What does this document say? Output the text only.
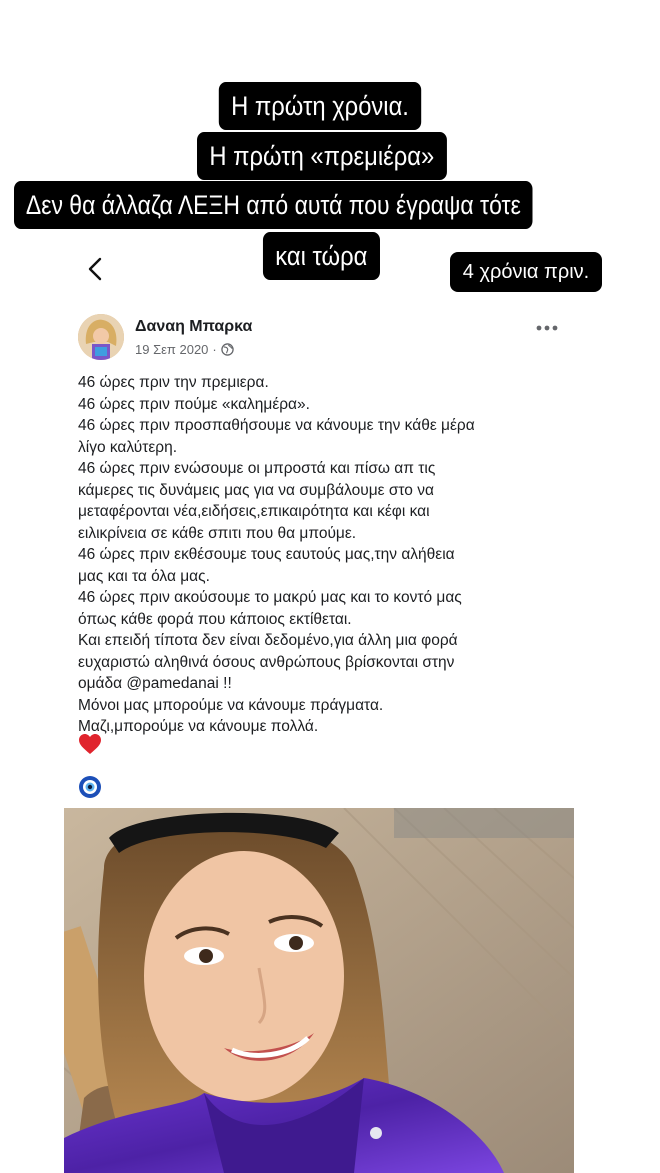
Η πρώτη χρόνια.
Η πρώτη «πρεμιέρα»
Δεν θα άλλαζα ΛΕΞΗ από αυτά που έγραψα τότε
και τώρα
4 χρόνια πριν.
Δαναη Μπαρκα
19 Σεπ 2020 ·

46 ώρες πριν την πρεμιερα.

46 ώρες πριν πούμε «καλημέρα».

46 ώρες πριν προσπαθήσουμε να κάνουμε την κάθε μέρα

λίγο καλύτερη.

46 ώρες πριν ενώσουμε οι μπροστά και πίσω απ τις

κάμερες τις δυνάμεις μας για να συμβάλουμε στο να

μεταφέρονται νέα,ειδήσεις,επικαιρότητα και κέφι και

ειλικρίνεια σε κάθε σπιτι που θα μπούμε.

46 ώρες πριν εκθέσουμε τους εαυτούς μας,την αλήθεια

μας και τα όλα μας.

46 ώρες πριν ακούσουμε το μακρύ μας και το κοντό μας

όπως κάθε φορά που κάποιος εκτίθεται.

Και επειδή τίποτα δεν είναι δεδομένο,για άλλη μια φορά

ευχαριστώ αληθινά όσους ανθρώπους βρίσκονται στην

ομάδα @pamedanai !!

Μόνοι μας μπορούμε να κάνουμε πράγματα.

Μαζι,μπορούμε να κάνουμε πολλά.
